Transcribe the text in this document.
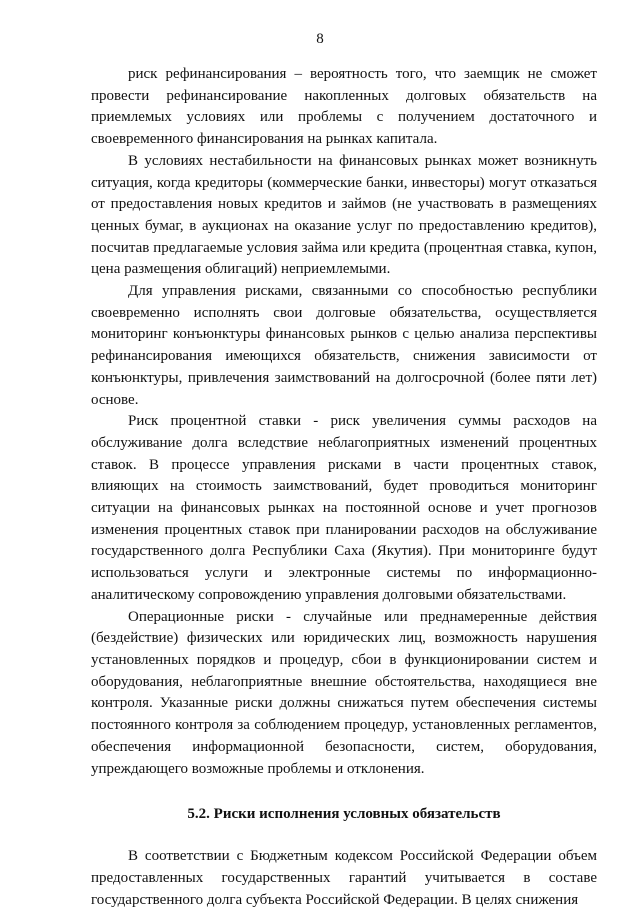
8

риск рефинансирования – вероятность того, что заемщик не сможет провести рефинансирование накопленных долговых обязательств на приемлемых условиях или проблемы с получением достаточного и своевременного финансирования на рынках капитала.

В условиях нестабильности на финансовых рынках может возникнуть ситуация, когда кредиторы (коммерческие банки, инвесторы) могут отказаться от предоставления новых кредитов и займов (не участвовать в размещениях ценных бумаг, в аукционах на оказание услуг по предоставлению кредитов), посчитав предлагаемые условия займа или кредита (процентная ставка, купон, цена размещения облигаций) неприемлемыми.

Для управления рисками, связанными со способностью республики своевременно исполнять свои долговые обязательства, осуществляется мониторинг конъюнктуры финансовых рынков с целью анализа перспективы рефинансирования имеющихся обязательств, снижения зависимости от конъюнктуры, привлечения заимствований на долгосрочной (более пяти лет) основе.

Риск процентной ставки - риск увеличения суммы расходов на обслуживание долга вследствие неблагоприятных изменений процентных ставок. В процессе управления рисками в части процентных ставок, влияющих на стоимость заимствований, будет проводиться мониторинг ситуации на финансовых рынках на постоянной основе и учет прогнозов изменения процентных ставок при планировании расходов на обслуживание государственного долга Республики Саха (Якутия). При мониторинге будут использоваться услуги и электронные системы по информационно-аналитическому сопровождению управления долговыми обязательствами.

Операционные риски - случайные или преднамеренные действия (бездействие) физических или юридических лиц, возможность нарушения установленных порядков и процедур, сбои в функционировании систем и оборудования, неблагоприятные внешние обстоятельства, находящиеся вне контроля. Указанные риски должны снижаться путем обеспечения системы постоянного контроля за соблюдением процедур, установленных регламентов, обеспечения информационной безопасности, систем, оборудования, упреждающего возможные проблемы и отклонения.

5.2. Риски исполнения условных обязательств

В соответствии с Бюджетным кодексом Российской Федерации объем предоставленных государственных гарантий учитывается в составе государственного долга субъекта Российской Федерации. В целях снижения
